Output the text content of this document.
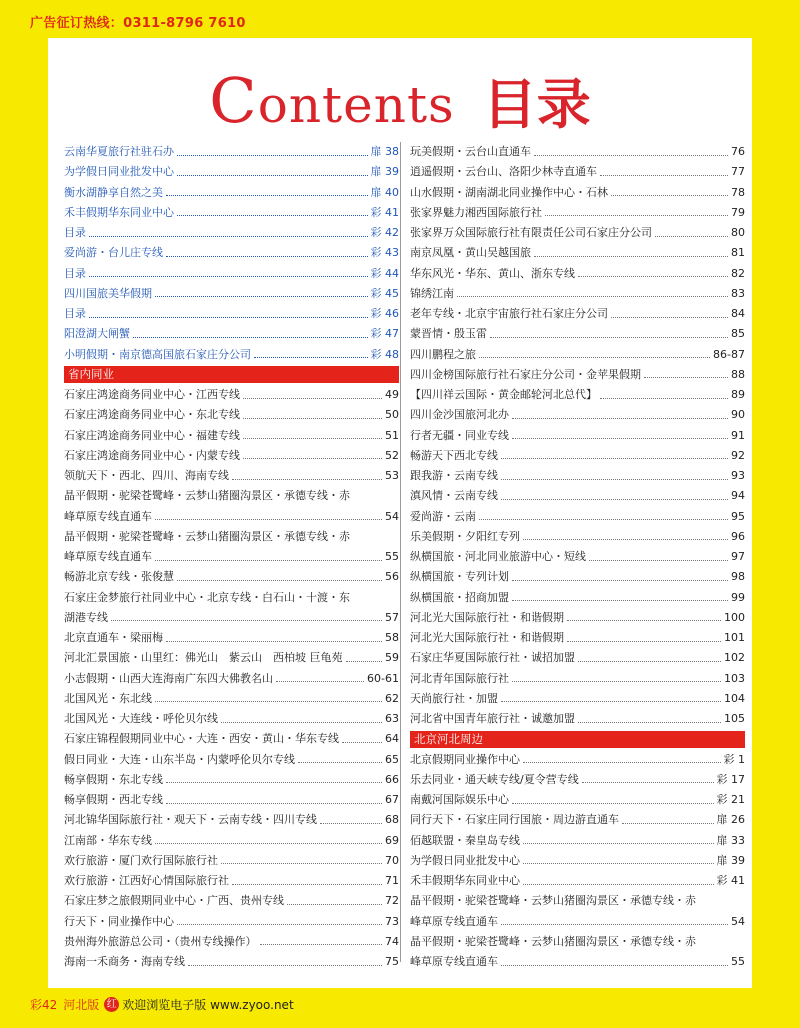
广告征订热线：0311-8796 7610
Contents 目录
云南华夏旅行社驻石办	扉 38
为学假日同业批发中心	扉 39
衡水湖静享自然之美	扉 40
禾丰假期华东同业中心	彩 41
目录	彩 42
爱尚游・台儿庄专线	彩 43
目录	彩 44
四川国旅美华假期	彩 45
目录	彩 46
阳澄湖大闸蟹	彩 47
小明假期・南京德高国旅石家庄分公司	彩 48
省内同业
石家庄鸿途商务同业中心・江西专线	49
石家庄鸿途商务同业中心・东北专线	50
石家庄鸿途商务同业中心・福建专线	51
石家庄鸿途商务同业中心・内蒙专线	52
领航天下・西北、四川、海南专线	53
晶平假期・驼梁苍鹭峰・云梦山猪圈沟景区・承德专线・赤
峰草原专线直通车	54
晶平假期・驼梁苍鹭峰・云梦山猪圈沟景区・承德专线・赤
峰草原专线直通车	55
畅游北京专线・张俊慧	56
石家庄金梦旅行社同业中心・北京专线・白石山・十渡・东
湖港专线	57
北京直通车・梁丽梅	58
河北汇景国旅・山里红：佛光山　紫云山　西柏坡 巨龟苑	59
小志假期・山西大连海南广东四大佛教名山	60-61
北国风光・东北线	62
北国风光・大连线・呼伦贝尔线	63
石家庄锦程假期同业中心・大连・西安・黄山・华东专线	64
假日同业・大连・山东半岛・内蒙呼伦贝尔专线	65
畅享假期・东北专线	66
畅享假期・西北专线	67
河北锦华国际旅行社・观天下・云南专线・四川专线	68
江南部・华东专线	69
欢行旅游・厦门欢行国际旅行社	70
欢行旅游・江西好心情国际旅行社	71
石家庄梦之旅假期同业中心・广西、贵州专线	72
行天下・同业操作中心	73
贵州海外旅游总公司・（贵州专线操作）	74
海南一禾商务・海南专线	75
玩美假期・云台山直通车	76
逍遥假期・云台山、洛阳少林寺直通车	77
山水假期・湖南湖北同业操作中心・石林	78
张家界魅力湘西国际旅行社	79
张家界万众国际旅行社有限责任公司石家庄分公司	80
南京凤凰・黄山吴越国旅	81
华东风光・华东、黄山、浙东专线	82
锦绣江南	83
老年专线・北京宇宙旅行社石家庄分公司	84
蒙晋情・殷玉雷	85
四川鹏程之旅	86-87
四川金榜国际旅行社石家庄分公司・金苹果假期	88
【四川祥云国际・黄金邮轮河北总代】	89
四川金沙国旅河北办	90
行者无疆・同业专线	91
畅游天下西北专线	92
跟我游・云南专线	93
滇风情・云南专线	94
爱尚游・云南	95
乐美假期・夕阳红专列	96
纵横国旅・河北同业旅游中心・短线	97
纵横国旅・专列计划	98
纵横国旅・招商加盟	99
河北光大国际旅行社・和谐假期	100
河北光大国际旅行社・和谐假期	101
石家庄华夏国际旅行社・诚招加盟	102
河北青年国际旅行社	103
天尚旅行社・加盟	104
河北省中国青年旅行社・诚邀加盟	105
北京河北周边
北京假期同业操作中心	彩 1
乐去同业・通天峡专线/夏令营专线	彩 17
南戴河国际娱乐中心	彩 21
同行天下・石家庄同行国旅・周边游直通车	扉 26
佰越联盟・秦皇岛专线	扉 33
为学假日同业批发中心	扉 39
禾丰假期华东同业中心	彩 41
晶平假期・驼梁苍鹭峰・云梦山猪圈沟景区・承德专线・赤
峰草原专线直通车	54
晶平假期・驼梁苍鹭峰・云梦山猪圈沟景区・承德专线・赤
峰草原专线直通车	55
彩42 河北版 红 欢迎浏览电子版 www.zyoo.net
